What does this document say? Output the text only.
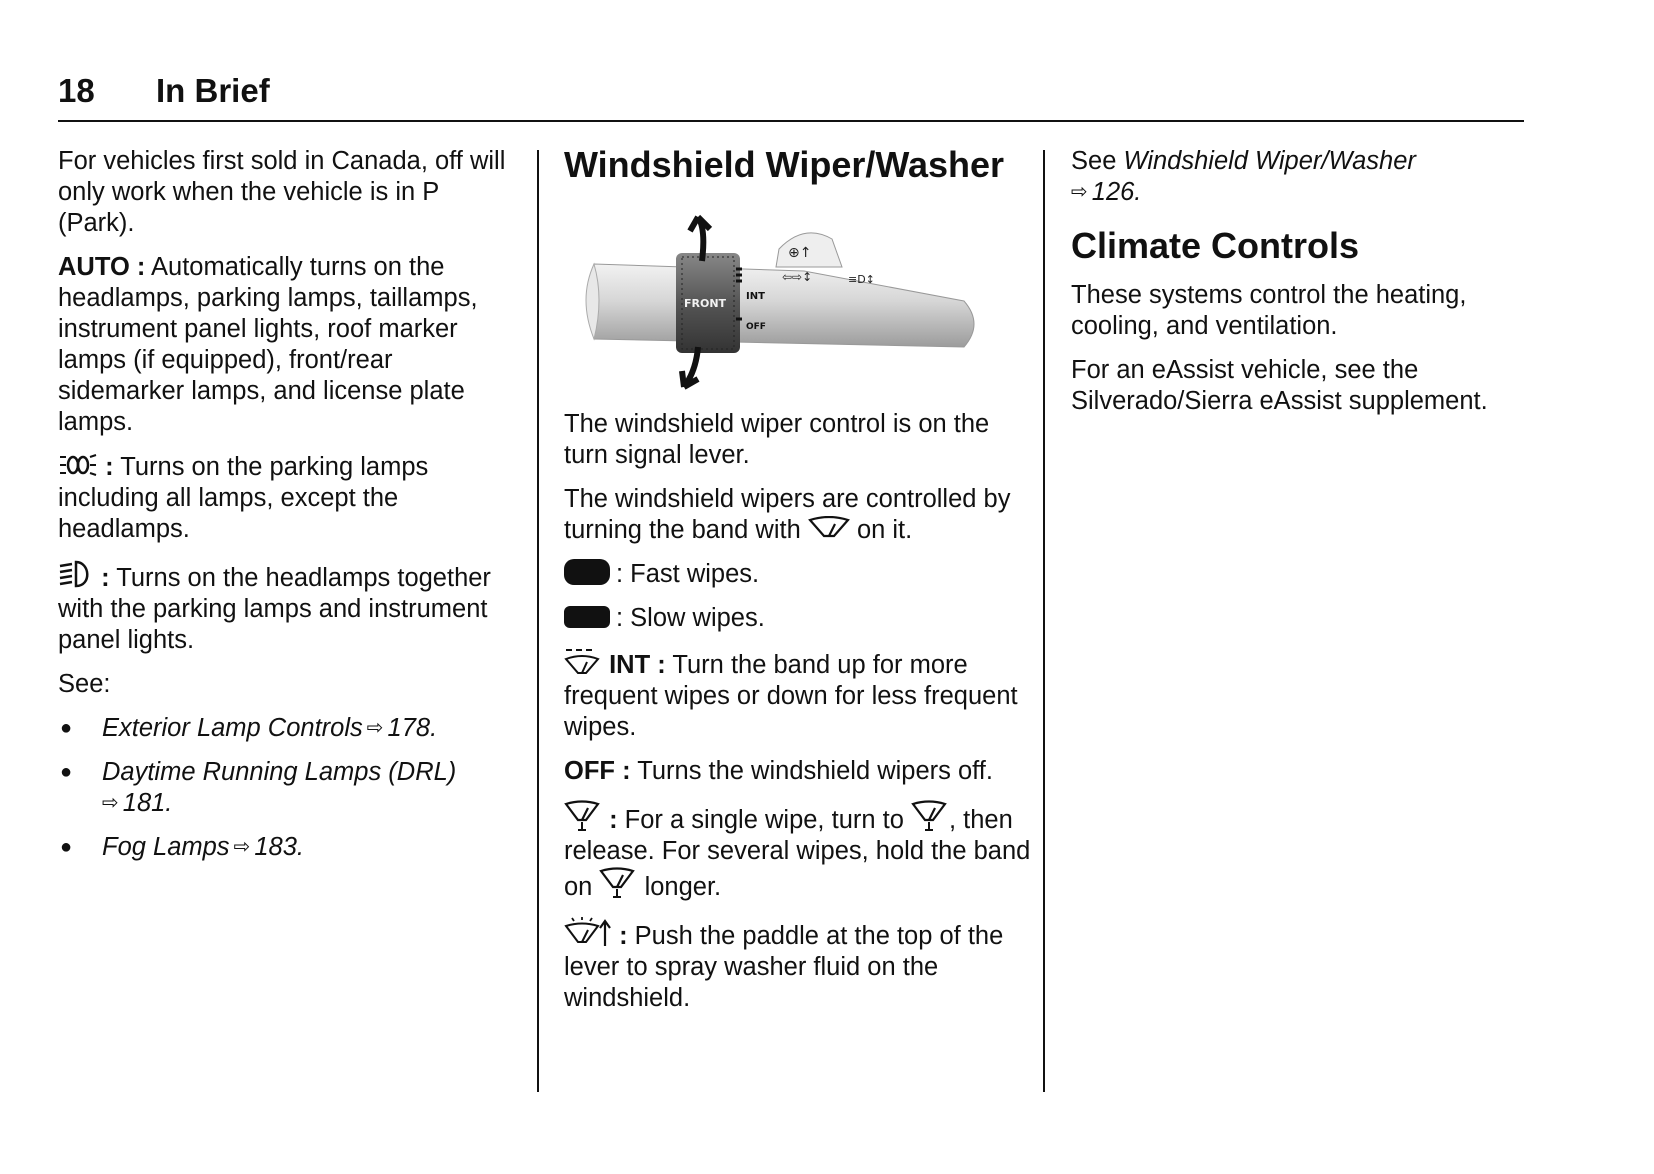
18 In Brief

For vehicles first sold in Canada, off will only work when the vehicle is in P (Park).

AUTO : Automatically turns on the headlamps, parking lamps, taillamps, instrument panel lights, roof marker lamps (if equipped), front/rear sidemarker lamps, and license plate lamps.

: Turns on the parking lamps including all lamps, except the headlamps.

: Turns on the headlamps together with the parking lamps and instrument panel lights.

See:

● Exterior Lamp Controls ⇨ 178.
● Daytime Running Lamps (DRL)
⇨ 181.
● Fog Lamps ⇨ 183.
Windshield Wiper/Washer
⊕↑
⇦⇨↕	≡D↕
FRONT
INT
OFF

The windshield wiper control is on the turn signal lever.

The windshield wipers are controlled by turning the band with on it.

: Fast wipes.

: Slow wipes.

INT : Turn the band up for more frequent wipes or down for less frequent wipes.

OFF : Turns the windshield wipers off.

: For a single wipe, turn to , then release. For several wipes, hold the band on longer.

: Push the paddle at the top of the lever to spray washer fluid on the windshield.

See Windshield Wiper/Washer
⇨ 126.

Climate Controls

These systems control the heating, cooling, and ventilation.

For an eAssist vehicle, see the Silverado/Sierra eAssist supplement.
